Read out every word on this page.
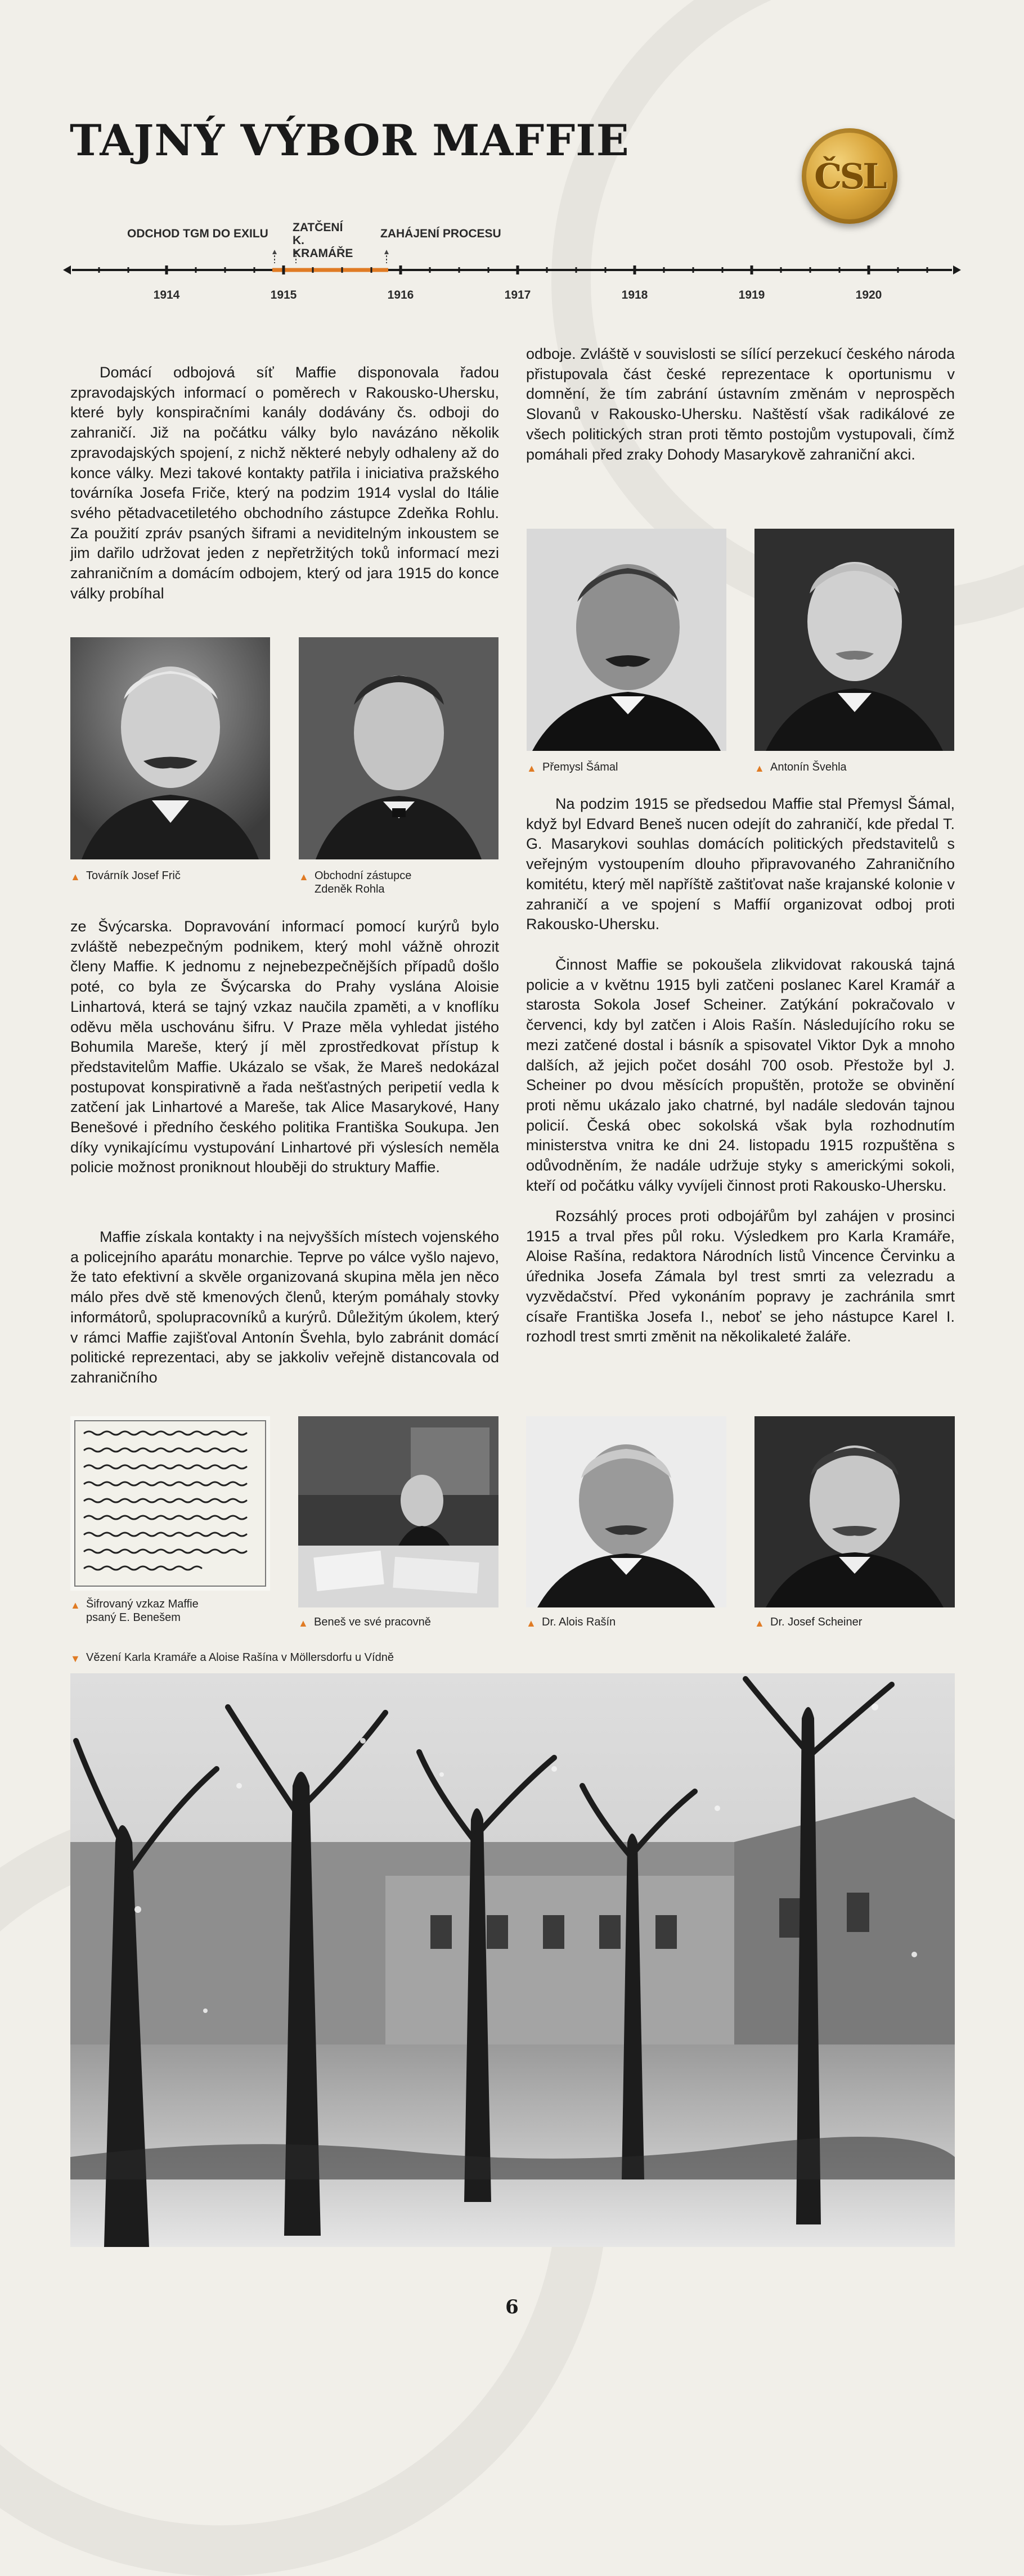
TAJNÝ VÝBOR MAFFIE
ČSL
ODCHOD TGM DO EXILU ZATČENÍ K. KRAMÁŘE
ZAHÁJENÍ PROCESU
1914	1915	1916	1917	1918	1919	1920

Domácí odbojová síť Maffie disponovala řadou zpravodajských informací o poměrech v Rakousko-Uhersku, které byly konspiračními kanály dodávány čs. odboji do zahraničí. Již na počátku války bylo navázáno několik zpravodajských spojení, z nichž některé nebyly odhaleny až do konce války. Mezi takové kontakty patřila i iniciativa pražského továrníka Josefa Friče, který na podzim 1914 vyslal do Itálie svého pětadvacetiletého obchodního zástupce Zdeňka Rohlu. Za použití zpráv psaných šiframi a neviditelným inkoustem se jim dařilo udržovat jeden z nepřetržitých toků informací mezi zahraničním a domácím odbojem, který od jara 1915 do konce války probíhal

ze Švýcarska. Dopravování informací pomocí kurýrů bylo zvláště nebezpečným podnikem, který mohl vážně ohrozit členy Maffie. K jednomu z nejnebezpečnějších případů došlo poté, co byla ze Švýcarska do Prahy vyslána Aloisie Linhartová, která se tajný vzkaz naučila zpaměti, a v knoflíku oděvu měla uschovánu šifru. V Praze měla vyhledat jistého Bohumila Mareše, který jí měl zprostředkovat přístup k představitelům Maffie. Ukázalo se však, že Mareš nedokázal postupovat konspirativně a řada nešťastných peripetií vedla k zatčení jak Linhartové a Mareše, tak Alice Masarykové, Hany Benešové i předního českého politika Františka Soukupa. Jen díky vynikajícímu vystupování Linhartové při výslesích neměla policie možnost proniknout hlouběji do struktury Maffie.

Maffie získala kontakty i na nejvyšších místech vojenského a policejního aparátu monarchie. Teprve po válce vyšlo najevo, že tato efektivní a skvěle organizovaná skupina měla jen něco málo přes dvě stě kmenových členů, kterým pomáhaly stovky informátorů, spolupracovníků a kurýrů. Důležitým úkolem, který v rámci Maffie zajišťoval Antonín Švehla, bylo zabránit domácí politické reprezentaci, aby se jakkoliv veřejně distancovala od zahraničního

odboje. Zvláště v souvislosti se sílící perzekucí českého národa přistupovala část české reprezentace k oportunismu v domnění, že tím zabrání ústavním změnám v neprospěch Slovanů v Rakousko-Uhersku. Naštěstí však radikálové ze všech politických stran proti těmto postojům vystupovali, čímž pomáhali před zraky Dohody Masarykově zahraniční akci.

Na podzim 1915 se předsedou Maffie stal Přemysl Šámal, když byl Edvard Beneš nucen odejít do zahraničí, kde předal T. G. Masarykovi souhlas domácích politických představitelů s veřejným vystoupením dlouho připravovaného Zahraničního komitétu, který měl napříště zaštiťovat naše krajanské kolonie v zahraničí a ve spojení s Maffií organizovat odboj proti Rakousko-Uhersku.

Činnost Maffie se pokoušela zlikvidovat rakouská tajná policie a v květnu 1915 byli zatčeni poslanec Karel Kramář a starosta Sokola Josef Scheiner. Zatýkání pokračovalo v červenci, kdy byl zatčen i Alois Rašín. Následujícího roku se mezi zatčené dostal i básník a spisovatel Viktor Dyk a mnoho dalších, až jejich počet dosáhl 700 osob. Přestože byl J. Scheiner po dvou měsících propuštěn, protože se obvinění proti němu ukázalo jako chatrné, byl nadále sledován tajnou policií. Česká obec sokolská však byla rozhodnutím ministerstva vnitra ke dni 24. listopadu 1915 rozpuštěna s odůvodněním, že nadále udržuje styky s americkými sokoli, kteří od počátku války vyvíjeli činnost proti Rakousko-Uhersku.

Rozsáhlý proces proti odbojářům byl zahájen v prosinci 1915 a trval přes půl roku. Výsledkem pro Karla Kramáře, Aloise Rašína, redaktora Národních listů Vincence Červinku a úřednika Josefa Zámala byl trest smrti za velezradu a vyzvědačství. Před vykonáním popravy je zachránila smrt císaře Františka Josefa I., neboť se jeho nástupce Karel I. rozhodl trest smrti změnit na několikaleté žaláře.

▲ Továrník Josef Frič	▲ Obchodní zástupce
Zdeněk Rohla
▲ Přemysl Šámal	▲ Antonín Švehla
▲ Šifrovaný vzkaz Maffie
psaný E. Benešem	▲ Beneš ve své pracovně	▲ Dr. Alois Rašín	▲ Dr. Josef Scheiner
▼ Vězení Karla Kramáře a Aloise Rašína v Möllersdorfu u Vídně
6
